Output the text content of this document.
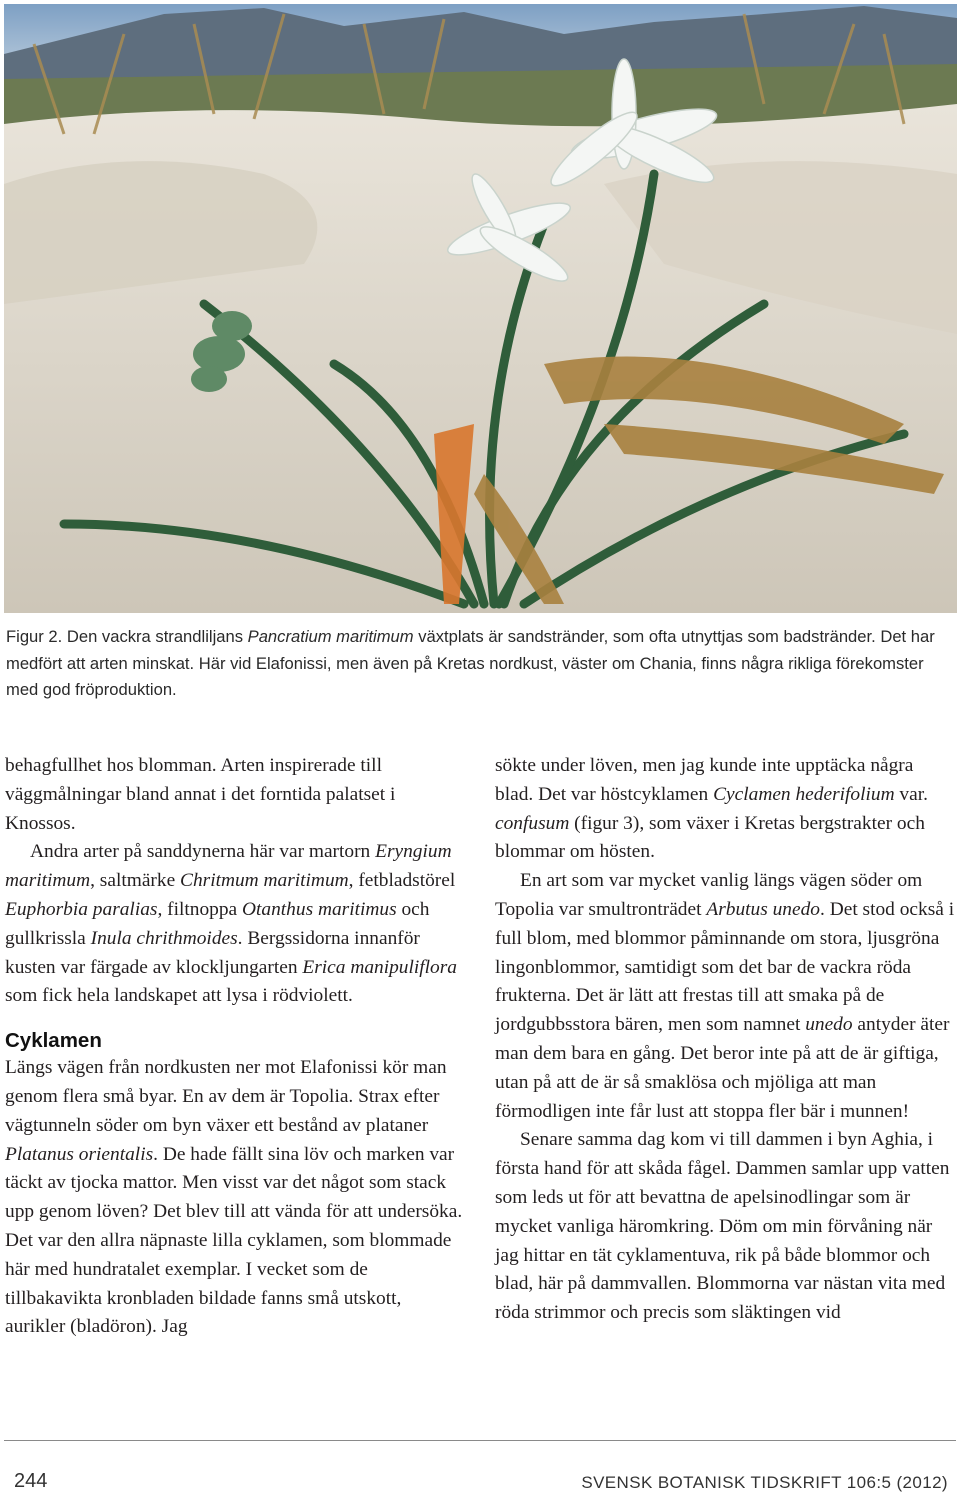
Figur 2. Den vackra strandliljans Pancratium maritimum växtplats är sandstränder, som ofta utnyttjas som badstränder. Det har medfört att arten minskat. Här vid Elafonissi, men även på Kretas nordkust, väster om Chania, finns några rikliga förekomster med god fröproduktion.

behagfullhet hos blomman. Arten inspirerade till väggmålningar bland annat i det forntida palatset i Knossos.

Andra arter på sanddynerna här var martorn Eryngium maritimum, saltmärke Chritmum maritimum, fetbladstörel Euphorbia paralias, filtnoppa Otanthus maritimus och gullkrissla Inula chrithmoides. Bergssidorna innanför kusten var färgade av klockljungarten Erica manipuliflora som fick hela landskapet att lysa i rödviolett.

Cyklamen

Längs vägen från nordkusten ner mot Elafonissi kör man genom flera små byar. En av dem är Topolia. Strax efter vägtunneln söder om byn växer ett bestånd av plataner Platanus orientalis. De hade fällt sina löv och marken var täckt av tjocka mattor. Men visst var det något som stack upp genom löven? Det blev till att vända för att undersöka. Det var den allra näpnaste lilla cyklamen, som blommade här med hundratalet exemplar. I vecket som de tillbakavikta kronbladen bildade fanns små utskott, aurikler (bladöron). Jag

sökte under löven, men jag kunde inte upptäcka några blad. Det var höstcyklamen Cyclamen hederifolium var. confusum (figur 3), som växer i Kretas bergstrakter och blommar om hösten.

En art som var mycket vanlig längs vägen söder om Topolia var smultronträdet Arbutus unedo. Det stod också i full blom, med blommor påminnande om stora, ljusgröna lingonblommor, samtidigt som det bar de vackra röda frukterna. Det är lätt att frestas till att smaka på de jordgubbsstora bären, men som namnet unedo antyder äter man dem bara en gång. Det beror inte på att de är giftiga, utan på att de är så smaklösa och mjöliga att man förmodligen inte får lust att stoppa fler bär i munnen!

Senare samma dag kom vi till dammen i byn Aghia, i första hand för att skåda fågel. Dammen samlar upp vatten som leds ut för att bevattna de apelsinodlingar som är mycket vanliga häromkring. Döm om min förvåning när jag hittar en tät cyklamentuva, rik på både blommor och blad, här på dammvallen. Blommorna var nästan vita med röda strimmor och precis som släktingen vid

244	SVENSK BOTANISK TIDSKRIFT 106:5 (2012)
